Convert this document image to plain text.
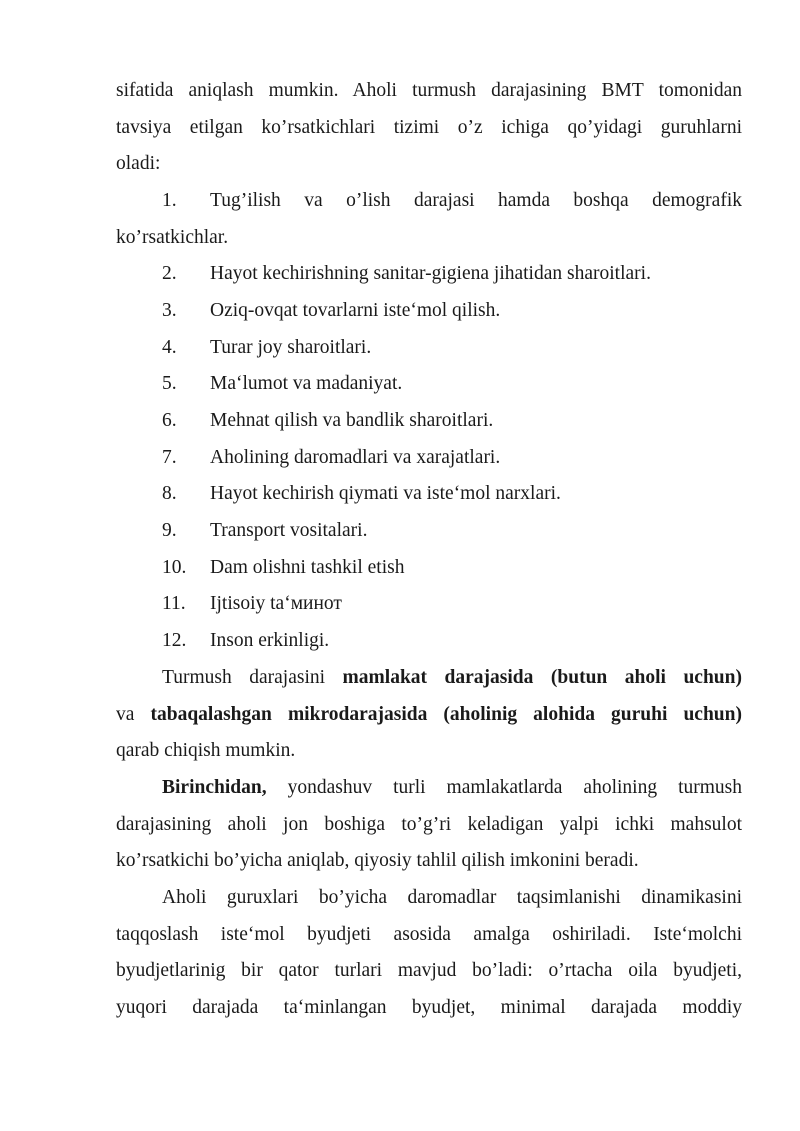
sifatida aniqlash mumkin. Aholi turmush darajasining BMT tomonidan
tavsiya etilgan ko’rsatkichlari tizimi o’z ichiga qo’yidagi guruhlarni
oladi:
1. Tug’ilish va o’lish darajasi hamda boshqa demografik
ko’rsatkichlar.
2. Hayot kechirishning sanitar-gigiena jihatidan sharoitlari.
3. Oziq-ovqat tovarlarni iste‘mol qilish.
4. Turar joy sharoitlari.
5. Ma‘lumot va madaniyat.
6. Mehnat qilish va bandlik sharoitlari.
7. Aholining daromadlari va xarajatlari.
8. Hayot kechirish qiymati va iste‘mol narxlari.
9. Transport vositalari.
10. Dam olishni tashkil etish
11. Ijtisoiy ta‘минот
12. Inson erkinligi.
Turmush darajasini mamlakat darajasida (butun aholi uchun)
va tabaqalashgan mikrodarajasida (aholinig alohida guruhi uchun)
qarab chiqish mumkin.
Birinchidan, yondashuv turli mamlakatlarda aholining turmush
darajasining aholi jon boshiga to’g’ri keladigan yalpi ichki mahsulot
ko’rsatkichi bo’yicha aniqlab, qiyosiy tahlil qilish imkonini beradi.
Aholi guruxlari bo’yicha daromadlar taqsimlanishi dinamikasini
taqqoslash iste‘mol byudjeti asosida amalga oshiriladi. Iste‘molchi
byudjetlarinig bir qator turlari mavjud bo’ladi: o’rtacha oila byudjeti,
yuqori darajada ta‘minlangan byudjet, minimal darajada moddiy
